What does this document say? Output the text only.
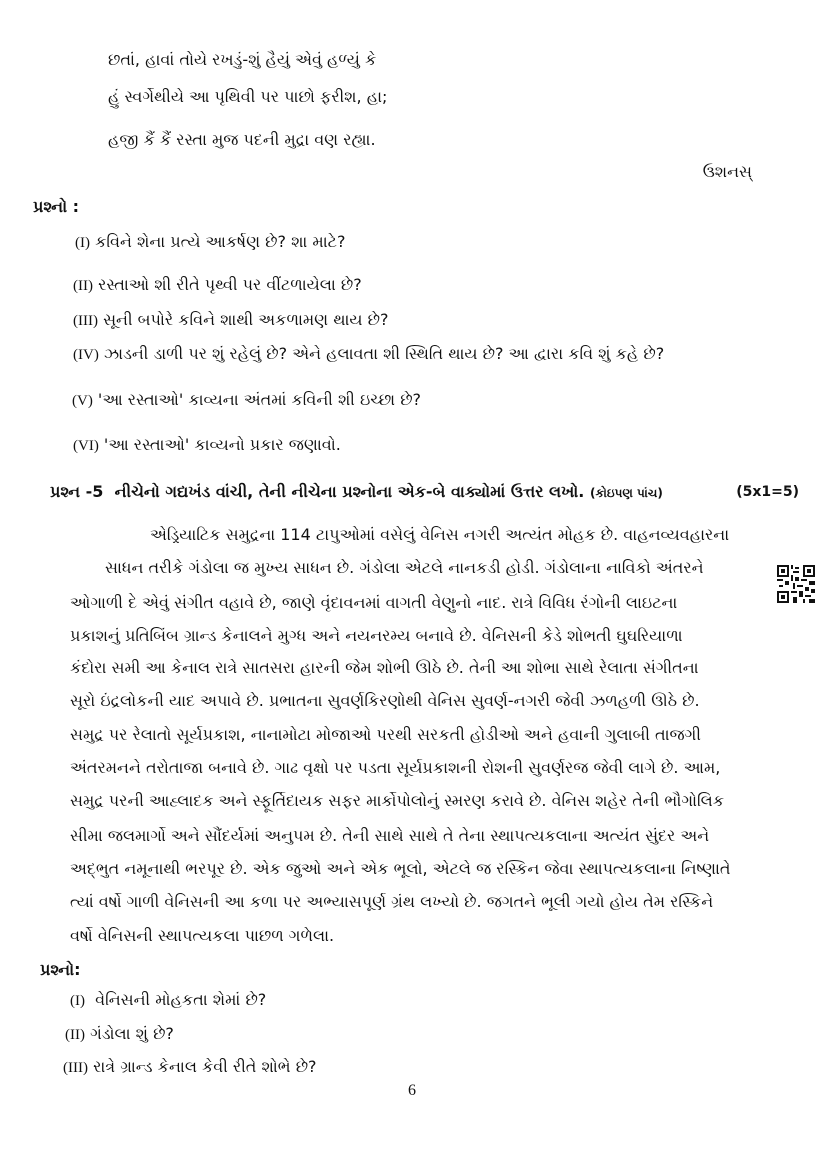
છતાં, હાવાં તોયે રખડું-શું હૈયું એવું હળ્યું કે
હું સ્વર્ગેથીયે આ પૃથિવી પર પાછો ફરીશ, હા;
હજી કૈં કૈં રસ્તા મુજ પદની મુદ્રા વણ રહ્યા.
ઉશનસ્
પ્રશ્નો :
(I) કવિને શેના પ્રત્યે આકર્ષણ છે? શા માટે?
(II) રસ્તાઓ શી રીતે પૃથ્વી પર વીંટળાયેલા છે?
(III) સૂની બપોરે કવિને શાથી અકળામણ થાય છે?
(IV) ઝાડની ડાળી પર શું રહેલું છે? એને હલાવતા શી સ્થિતિ થાય છે? આ દ્વારા કવિ શું કહે છે?
(V) 'આ રસ્તાઓ' કાવ્યના અંતમાં કવિની શી ઇચ્છા છે?
(VI) 'આ રસ્તાઓ' કાવ્યનો પ્રકાર જણાવો.
પ્રશ્ન -5 નીચેનો ગદ્યખંડ વાંચી, તેની નીચેના પ્રશ્નોના એક-બે વાક્યોમાં ઉત્તર લખો. (કોઇપણ પાંચ)	(5x1=5)
એડ્રિયાટિક સમુદ્રના 114 ટાપુઓમાં વસેલું વેનિસ નગરી અત્યંત મોહક છે. વાહનવ્યવહારના
સાધન તરીકે ગંડોલા જ મુખ્ય સાધન છે. ગંડોલા એટલે નાનકડી હોડી. ગંડોલાના નાવિકો અંતરને
ઓગાળી દે એવું સંગીત વહાવે છે, જાણે વૃંદાવનમાં વાગતી વેણુનો નાદ. રાત્રે વિવિધ રંગોની લાઇટના
પ્રકાશનું પ્રતિબિંબ ગ્રાન્ડ કેનાલને મુગ્ધ અને નયનરમ્ય બનાવે છે. વેનિસની કેડે શોભતી ઘુઘરિયાળા
કંદોરા સમી આ કેનાલ રાત્રે સાતસરા હારની જેમ શોભી ઊઠે છે. તેની આ શોભા સાથે રેલાતા સંગીતના
સૂરો ઇંદ્રલોકની યાદ અપાવે છે. પ્રભાતના સુવર્ણકિરણોથી વેનિસ સુવર્ણ-નગરી જેવી ઝળહળી ઊઠે છે.
સમુદ્ર પર રેલાતો સૂર્યપ્રકાશ, નાનામોટા મોજાઓ પરથી સરકતી હોડીઓ અને હવાની ગુલાબી તાજગી
અંતરમનને તરોતાજા બનાવે છે. ગાઢ વૃક્ષો પર પડતા સૂર્યપ્રકાશની રોશની સુવર્ણરજ જેવી લાગે છે. આમ,
સમુદ્ર પરની આહ્લાદક અને સ્ફૂર્તિદાયક સફર માર્કોપોલોનું સ્મરણ કરાવે છે. વેનિસ શહેર તેની ભૌગોલિક
સીમા જલમાર્ગો અને સૌંદર્યમાં અનુપમ છે. તેની સાથે સાથે તે તેના સ્થાપત્યકલાના અત્યંત સુંદર અને
અદ્ભુત નમૂનાથી ભરપૂર છે. એક જુઓ અને એક ભૂલો, એટલે જ રસ્કિન જેવા સ્થાપત્યકલાના નિષ્ણાતે
ત્યાં વર્ષો ગાળી વેનિસની આ કળા પર અભ્યાસપૂર્ણ ગ્રંથ લખ્યો છે. જગતને ભૂલી ગયો હોય તેમ રસ્કિને
વર્ષો વેનિસની સ્થાપત્યકલા પાછળ ગળેલા.
પ્રશ્નો:
(I) વેનિસની મોહકતા શેમાં છે?
(II) ગંડોલા શું છે?
(III) રાત્રે ગ્રાન્ડ કેનાલ કેવી રીતે શોભે છે?
6
